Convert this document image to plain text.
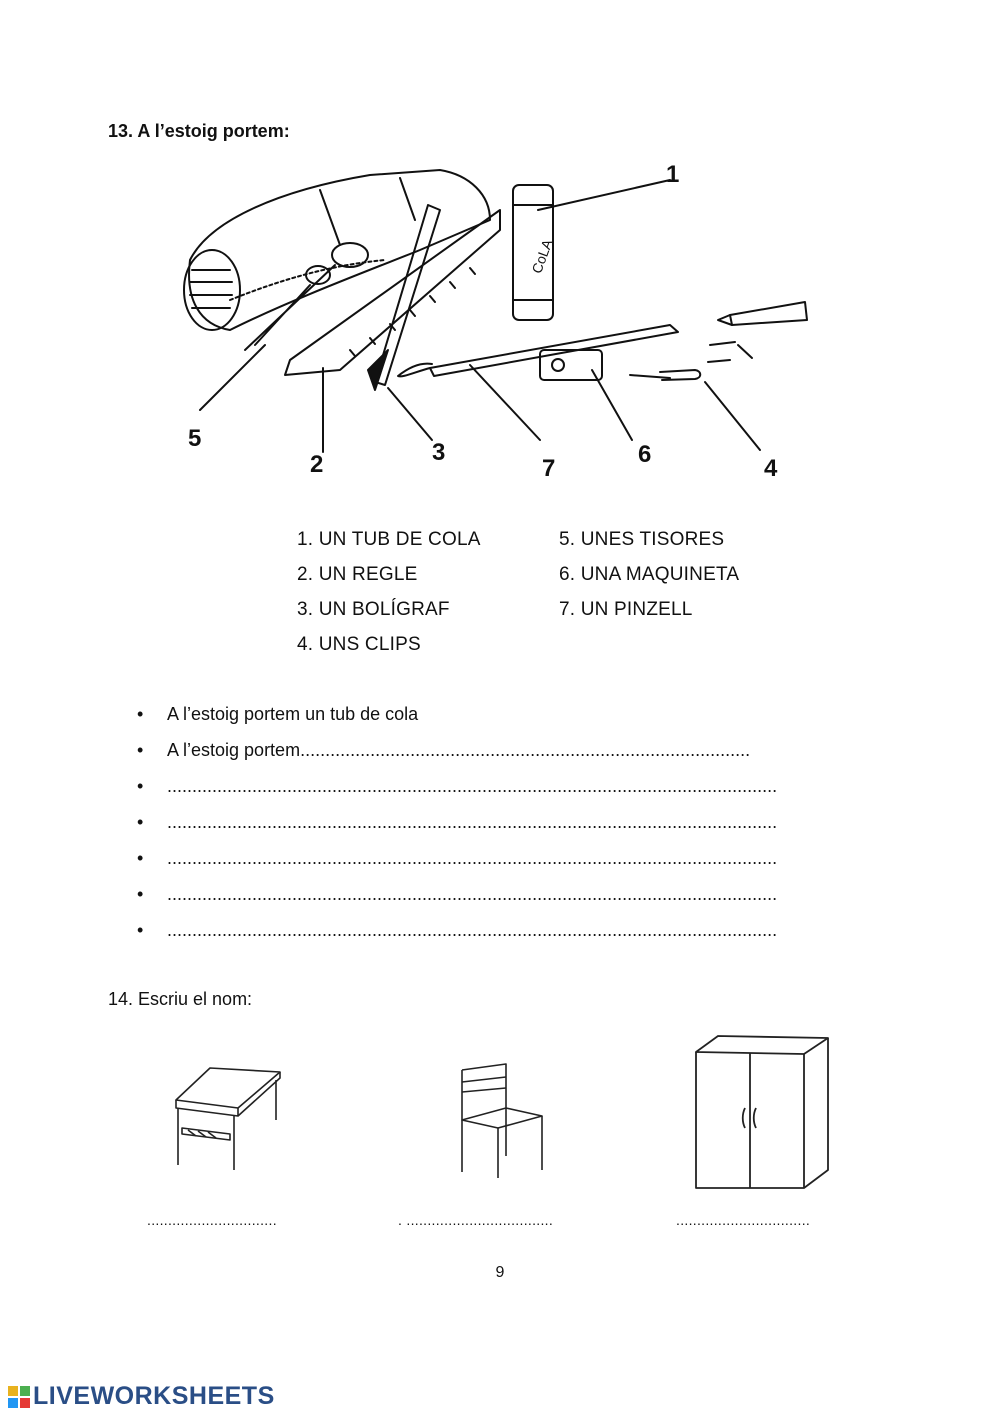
13. A l’estoig portem:
1
2	3
4
5
6
7
CoLA
1. UN TUB DE COLA
2. UN REGLE
3. UN BOLÍGRAF
4. UNS CLIPS
5. UNES TISORES
6. UNA MAQUINETA
7. UN PINZELL
• A l’estoig portem un tub de cola
• A l’estoig portem..........................................................................................
• ..........................................................................................................................
• ..........................................................................................................................
• ..........................................................................................................................
• ..........................................................................................................................
• ..........................................................................................................................
14. Escriu el nom:
...............................	. ...................................	................................
9
LIVEWORKSHEETS
